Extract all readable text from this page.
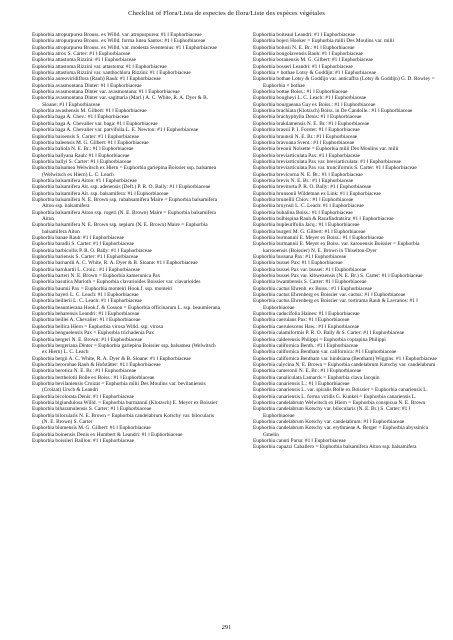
Checklist of Flora/Lista de especies de flora/Liste des espèces végétales
Euphorbia atropurpurea Brouss. ex Willd. var. atropurpurea: #1 ‖ Euphorbiaceae
Euphorbia atropurpurea Brouss. ex Willd. forma lutea Santos: #1 ‖ Euphorbiaceae
Euphorbia atropurpurea Brouss. ex Willd. var. modesta Sventenius: #1 ‖ Euphorbiaceae
Euphorbia atrox S. Carter: #1 ‖ Euphorbiaceae
Euphorbia attastoma Rizzini: #1 ‖ Euphorbiaceae
Euphorbia attastoma Rizzini var. attastoma: #1 ‖ Euphorbiaceae
Euphorbia attastoma Rizzini var. xanthochlora Rizzini: #1 ‖ Euphorbiaceae
Euphorbia aureoviridiflora (Rauh) Rauh: #1 ‖ Euphorbiaceae
Euphorbia avasmontana Dinter: #1 ‖ Euphorbiaceae
Euphorbia avasmontana Dinter var. avasmontana: #1 ‖ Euphorbiaceae
Euphorbia avasmontana Dinter var. sagittaria (Marl.) A. C. White, R. A. Dyer & B. Sloane: #1 ‖ Euphorbiaceae
Euphorbia awashensis M. Gilbert: #1 ‖ Euphorbiaceae
Euphorbia baga A. Chev.: #1 ‖ Euphorbiaceae
Euphorbia baga A. Chevalier var. baga: #1 ‖ Euphorbiaceae
Euphorbia baga A. Chevalier var. parvifolia L. E. Newton: #1 ‖ Euphorbiaceae
Euphorbia baioensis S. Carter: #1 ‖ Euphorbiaceae
Euphorbia baleensis M. G. Gilbert: #1 ‖ Euphorbiaceae
Euphorbia baliola N. E. Br.: #1 ‖ Euphorbiaceae
Euphorbia ballyana Rauh: #1 ‖ Euphorbiaceae
Euphorbia ballyi S. Carter: #1 ‖ Euphorbiaceae
Euphorbia balsamea Welwitsch ex Hiern = Euphorbia gariepina Boissier ssp. balsamea (Welwitsch ex Hiern) L. C. Leach
Euphorbia balsamifera Aiton: #1 ‖ Euphorbiaceae
Euphorbia balsamifera Ait. ssp. adenensis (Deft.) P. R. O. Bally: #1 ‖ Euphorbiaceae
Euphorbia balsamifera Ait. ssp. balsamifera: #1 ‖ Euphorbiaceae
Euphorbia balsamifera N. E. Brown ssp. rubabsamifera Maire = Euphorbia balsamifera Aiton ssp. balsamifera
Euphorbia balsamifera Aiton ssp. rogeri (N. E. Brown) Maire = Euphorbia balsamifera Aiton
Euphorbia balsamifera N. E. Brown ssp. sepium (N. E. Brown) Maire = Euphorbia balsamifera Aiton
Euphorbia banae Rauh: #1 ‖ Euphorbiaceae
Euphorbia baradii S. Carter: #1 ‖ Euphorbiaceae
Euphorbia barbicollis P. R. O. Bally: #1 ‖ Euphorbiaceae
Euphorbia bariensis S. Carter: #1 ‖ Euphorbiaceae
Euphorbia barnardii A. C. White, R. A. Dyer & B. Sloane: #1 ‖ Euphorbiaceae
Euphorbia barnhartii L. Croiz.: #1 ‖ Euphorbiaceae
Euphorbia barteri N. E. Brown = Euphorbia kamerunica Pax
Euphorbia basutica Marloth = Euphorbia clavarioides Boissier var. clavarioides
Euphorbia baumii Pax = Euphorbia monteiri Hook.f. ssp. monteiri
Euphorbia bayeri L. C. Leach: #1 ‖ Euphorbiaceae
Euphorbia beillerii L. C. Leach: #1 ‖ Euphorbiaceae
Euphorbia beaumierana Hook.f. & Cosson = Euphorbia officinarum L. ssp. beaumierana
Euphorbia beharensis Leandri: #1 ‖ Euphorbiaceae
Euphorbia beillei A. Chevalier: #1 ‖ Euphorbiaceae
Euphorbia bellica Hiern = Euphorbia virosa Willd. ssp. virosa
Euphorbia benguelensis Pax = Euphorbia trichadenia Pax
Euphorbia bergeri N. E. Brown: #1 ‖ Euphorbiaceae
Euphorbia bergeriana Dinter = Euphorbia gariepina Boissier ssp. balsamea (Welwitsch ex Hiern) L. C. Leach
Euphorbia bergii A. C. White, R. A. Dyer & B. Sloane: #1 ‖ Euphorbiaceae
Euphorbia berorohae Rauh & Hofstätter: #1 ‖ Euphorbiaceae
Euphorbia berotica N. E. Br.: #1 ‖ Euphorbiaceae
Euphorbia berthelotii Bolle ex Boiss.: #1 ‖ Euphorbiaceae
Euphorbia bevilaniensis Croizat = Euphorbia milii Des Moulins var. bevilaniensis (Croizat) Ursch & Leandri
Euphorbia bicolorata Denis: #1 ‖ Euphorbiaceae
Euphorbia biglandulosa Willd. = Euphorbia burmannii (Klotzsch) E. Meyer ex Boissier
Euphorbia biharamulensis S. Carter: #1 ‖ Euphorbiaceae
Euphorbia bilocularis N. E. Brown = Euphorbia candelabrum Kotschy var. bilocularis (N. E. Brown) S. Carter
Euphorbia biumensis M. G. Gilbert: #1 ‖ Euphorbiaceae
Euphorbia boinensis Denis ex Humbert & Leandri: #1 ‖ Euphorbiaceae
Euphorbia boissieri Baillon: #1 ‖ Euphorbiaceae
Euphorbia boiteaui Leandri: #1 ‖ Euphorbiaceae
Euphorbia bojeri Hooker = Euphorbia milii Des Moulins var. milii
Euphorbia bolusii N. E. Br.: #1 ‖ Euphorbiaceae
Euphorbia bongolavensis Rauh: #1 ‖ Euphorbiaceae
Euphorbia boranensis M. G. Gilbert: #1 ‖ Euphorbiaceae
Euphorbia bosseri Leandri: #1 ‖ Euphorbiaceae
Euphorbia × bothae Lotsy & Goddijn: #1 ‖ Euphorbiaceae
Euphorbia bothae Lotsy & Goddijn var. anticaffra (Lotsy & Goddijn) G. D. Rowley = Euphorbia × bothae
Euphorbia bottae Boiss.: #1 ‖ Euphorbiaceae
Euphorbia bougheyi L. C. Leach: #1 ‖ Euphorbiaceae
Euphorbia bourgaeana Gay ex Boiss.: #1 ‖ Euphorbiaceae
Euphorbia brachiata (Klotzsch) Boiss. in De Candolle.: #1 ‖ Euphorbiaceae
Euphorbia brachyphylla Denis: #1 ‖ Euphorbiaceae
Euphorbia brakdamensis N. E. Br.: #1 ‖ Euphorbiaceae
Euphorbia brassii P. I. Forster: #1 ‖ Euphorbiaceae
Euphorbia braunsii N. E. Br.: #1 ‖ Euphorbiaceae
Euphorbia bravoana Svent.: #1 ‖ Euphorbiaceae
Euphorbia breonii Noisette = Euphorbia milii Des Moulins var. milii
Euphorbia breviarticulata Pax: #1 ‖ Euphorbiaceae
Euphorbia breviarticulata Pax var. breviarticulata: #1 ‖ Euphorbiaceae
Euphorbia breviarticulata Pax var. trunciformis S. Carter: #1 ‖ Euphorbiaceae
Euphorbia brevicorna N. E. Br.: #1 ‖ Euphorbiaceae
Euphorbia brevis N. E. Br.: #1 ‖ Euphorbiaceae
Euphorbia brevitorta P. R. O. Bally: #1 ‖ Euphorbiaceae
Euphorbia brunsonii Wildeman ex Link: #1 ‖ Euphorbiaceae
Euphorbia brunellii Chiov.: #1 ‖ Euphorbiaceae
Euphorbia bruynsii L. C. Leach: #1 ‖ Euphorbiaceae
Euphorbia bubalina Boiss.: #1 ‖ Euphorbiaceae
Euphorbia bulbispina Rauh & Razafindratsira: #1 ‖ Euphorbiaceae
Euphorbia bupleurifolia Jacq.: #1 ‖ Euphorbiaceae
Euphorbia burgeri M. G. Gilbert: #1 ‖ Euphorbiaceae
Euphorbia burmannii E. Meyer ex Boiss.: #1 ‖ Euphorbiaceae
Euphorbia burmannii E. Meyer ex Boiss. var. karooensis Boissier = Euphorbia karrooensis (Boissier) N. E. Brown in Thiselton-Dyer
Euphorbia bussana Pax: #1 ‖ Euphorbiaceae
Euphorbia bussei Pax: #1 ‖ Euphorbiaceae
Euphorbia bussei Pax var. bussei: #1 ‖ Euphorbiaceae
Euphorbia bussei Pax var. kibwezensis (N. E. Br.) S. Carter: #1 ‖ Euphorbiaceae
Euphorbia bwambensis S. Carter: #1 ‖ Euphorbiaceae
Euphorbia cactus Ehrenb. ex Boiss.: #1 ‖ Euphorbiaceae
Euphorbia cactus Ehrenberg ex Boissier var. cactus: #1 ‖ Euphorbiaceae
Euphorbia cactus Ehrenberg ex Boissier var. tortirama Rauh & Lavranos: #1 ‖ Euphorbiaceae
Euphorbia caducifolia Haines: #1 ‖ Euphorbiaceae
Euphorbia caerulans Pax: #1 ‖ Euphorbiaceae
Euphorbia caerulescens Haw.: #1 ‖ Euphorbiaceae
Euphorbia calamiformis P. R. O. Bally & S. Carter: #1 ‖ Euphorbiaceae
Euphorbia calderensis Philippi = Euphorbia copiapina Philippi
Euphorbia californica Benth.: #1 ‖ Euphorbiaceae
Euphorbia californica Bentham var. californica: #1 ‖ Euphorbiaceae
Euphorbia californica Bentham var. hindsiana (Bentham) Wiggins: #1 ‖ Euphorbiaceae
Euphorbia calycina N. E. Brown = Euphorbia candelabrum Kotschy var. candelabrum
Euphorbia cameronii N. E. Br.: #1 ‖ Euphorbiaceae
Euphorbia canaliculata Lamarck = Euphorbia clava Jacquin
Euphorbia canariensis L.: #1 ‖ Euphorbiaceae
Euphorbia canariensis L. var. spiralis Bolle ex Boissier = Euphorbia canariensis L.
Euphorbia canariensis L. forma viridis G. Kunkel = Euphorbia canariensis L.
Euphorbia candelabrum Welwitsch ex Hiern = Euphorbia conspicua N. E. Brown
Euphorbia candelabrum Kotschy var. bilocularis (N. E. Br.) S. Carter: #1 ‖ Euphorbiaceae
Euphorbia candelabrum Kotschy var. candelabrum: #1 ‖ Euphorbiaceae
Euphorbia candelabrum Kotschy var. erythraeae A. Berger = Euphorbia abyssinica Gmelin
Euphorbia canuti Parsa: #1 ‖ Euphorbiaceae
Euphorbia capazzi Caballero = Euphorbia balsamifera Aiton ssp. balsamifera
291
